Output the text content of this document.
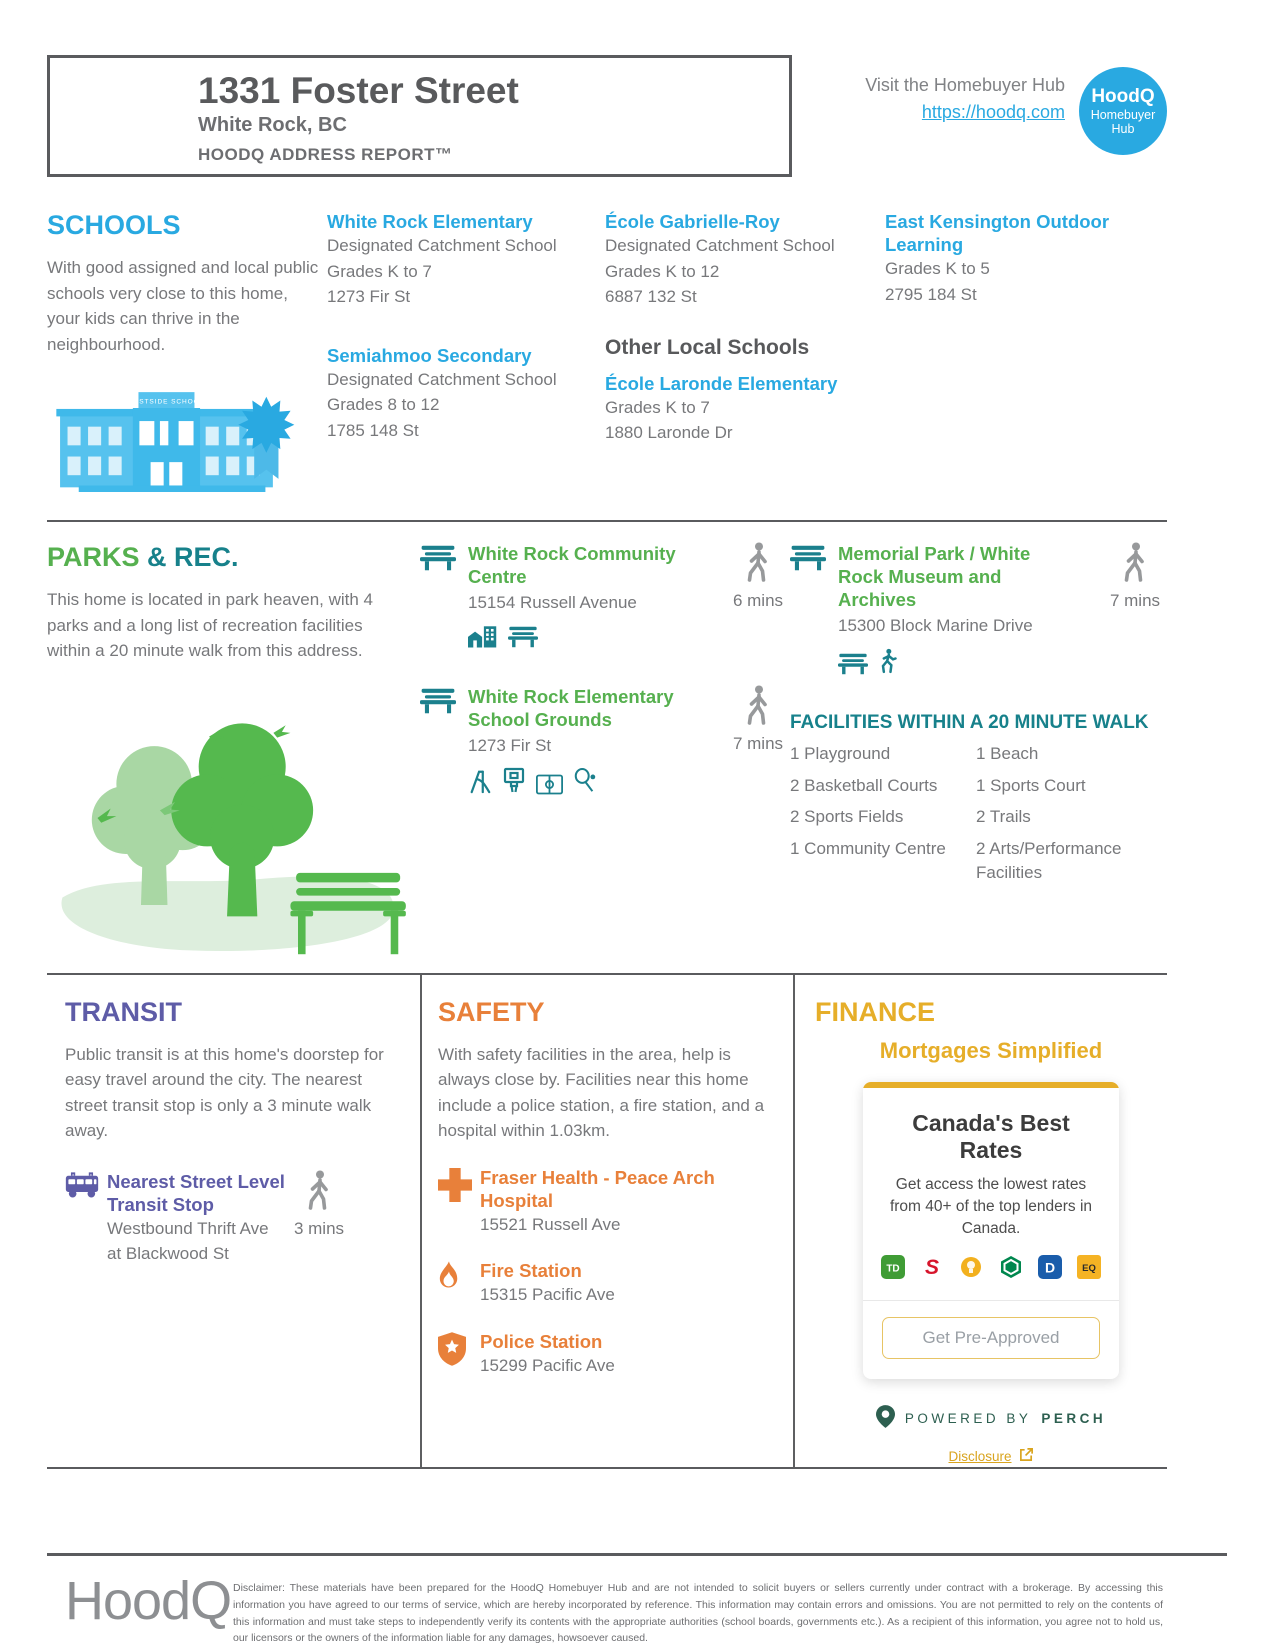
1331 Foster Street
White Rock, BC
HOODQ ADDRESS REPORT™
Visit the Homebuyer Hub
https://hoodq.com
HoodQ
Homebuyer
Hub
SCHOOLS

With good assigned and local public schools very close to this home, your kids can thrive in the neighbourhood.

EASTSIDE SCHOOL
White Rock Elementary
Designated Catchment School
Grades K to 7
1273 Fir St
Semiahmoo Secondary
Designated Catchment School
Grades 8 to 12
1785 148 St
École Gabrielle-Roy
Designated Catchment School
Grades K to 12
6887 132 St
Other Local Schools
École Laronde Elementary
Grades K to 7
1880 Laronde Dr
East Kensington Outdoor Learning
Grades K to 5
2795 184 St
PARKS & REC.

This home is located in park heaven, with 4 parks and a long list of recreation facilities within a 20 minute walk from this address.

White Rock Community Centre
15154 Russell Avenue	6 mins
White Rock Elementary School Grounds
1273 Fir St	7 mins
Memorial Park / White Rock Museum and Archives
15300 Block Marine Drive
7 mins
FACILITIES WITHIN A 20 MINUTE WALK
1 Playground
2 Basketball Courts
2 Sports Fields
1 Community Centre
1 Beach
1 Sports Court
2 Trails
2 Arts/Performance Facilities
TRANSIT

Public transit is at this home's doorstep for easy travel around the city. The nearest street transit stop is only a 3 minute walk away.

Nearest Street Level Transit Stop
Westbound Thrift Ave at Blackwood St
3 mins
SAFETY

With safety facilities in the area, help is always close by. Facilities near this home include a police station, a fire station, and a hospital within 1.03km.

Fraser Health - Peace Arch Hospital
15521 Russell Ave
Fire Station
15315 Pacific Ave
Police Station
15299 Pacific Ave
FINANCE
Mortgages Simplified
Canada's Best Rates

Get access the lowest rates from 40+ of the top lenders in Canada.

TD S	D	EQ
Get Pre-Approved
POWERED BY PERCH
Disclosure
HoodQ Disclaimer: These materials have been prepared for the HoodQ Homebuyer Hub and are not intended to solicit buyers or sellers currently under contract with a brokerage. By accessing this information you have agreed to our terms of service, which are hereby incorporated by reference. This information may contain errors and omissions. You are not permitted to rely on the contents of this information and must take steps to independently verify its contents with the appropriate authorities (school boards, governments etc.). As a recipient of this information, you agree not to hold us, our licensors or the owners of the information liable for any damages, howsoever caused.
